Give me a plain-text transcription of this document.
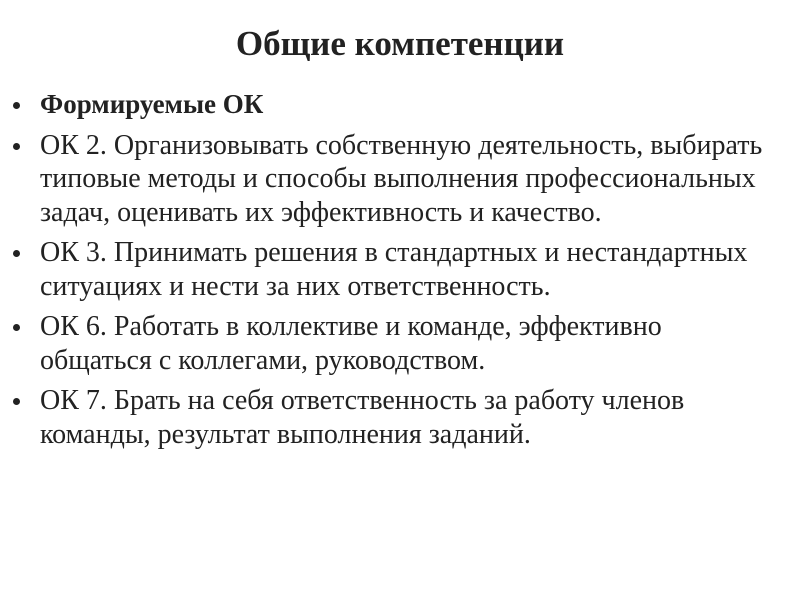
Общие компетенции
Формируемые ОК
ОК 2. Организовывать собственную деятельность, выбирать типовые методы и способы выполнения профессиональных задач, оценивать их эффективность и качество.
ОК 3. Принимать решения в стандартных и нестандартных ситуациях и нести за них ответственность.
ОК 6. Работать в коллективе и команде, эффективно общаться с коллегами, руководством.
ОК 7. Брать на себя ответственность за работу членов команды, результат выполнения заданий.
